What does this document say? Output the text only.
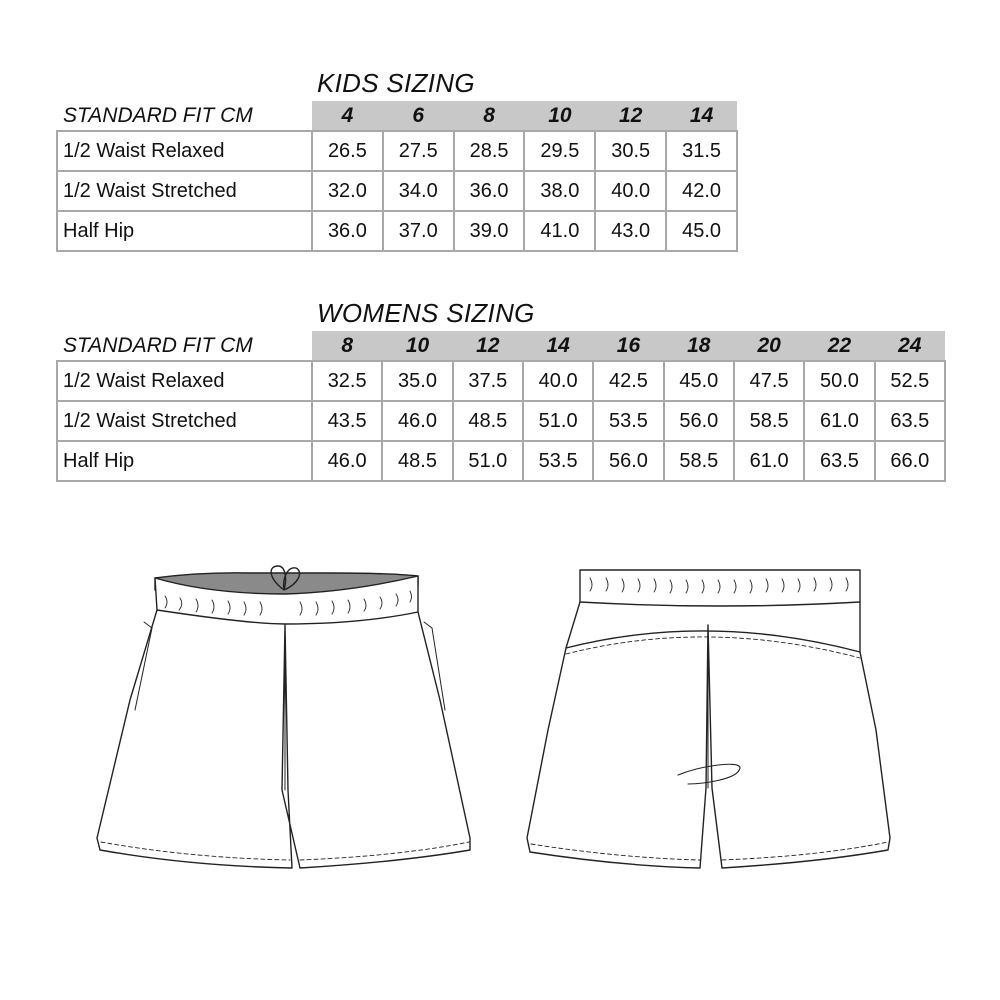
KIDS SIZING
STANDARD FIT CM	4	6	8	10	12	14
1/2 Waist Relaxed	26.5	27.5	28.5	29.5	30.5	31.5
1/2 Waist Stretched	32.0	34.0	36.0	38.0	40.0	42.0
Half Hip	36.0	37.0	39.0	41.0	43.0	45.0
WOMENS SIZING
STANDARD FIT CM	8	10	12	14	16	18	20	22	24
1/2 Waist Relaxed	32.5	35.0	37.5	40.0	42.5	45.0	47.5	50.0	52.5
1/2 Waist Stretched	43.5	46.0	48.5	51.0	53.5	56.0	58.5	61.0	63.5
Half Hip	46.0	48.5	51.0	53.5	56.0	58.5	61.0	63.5	66.0
